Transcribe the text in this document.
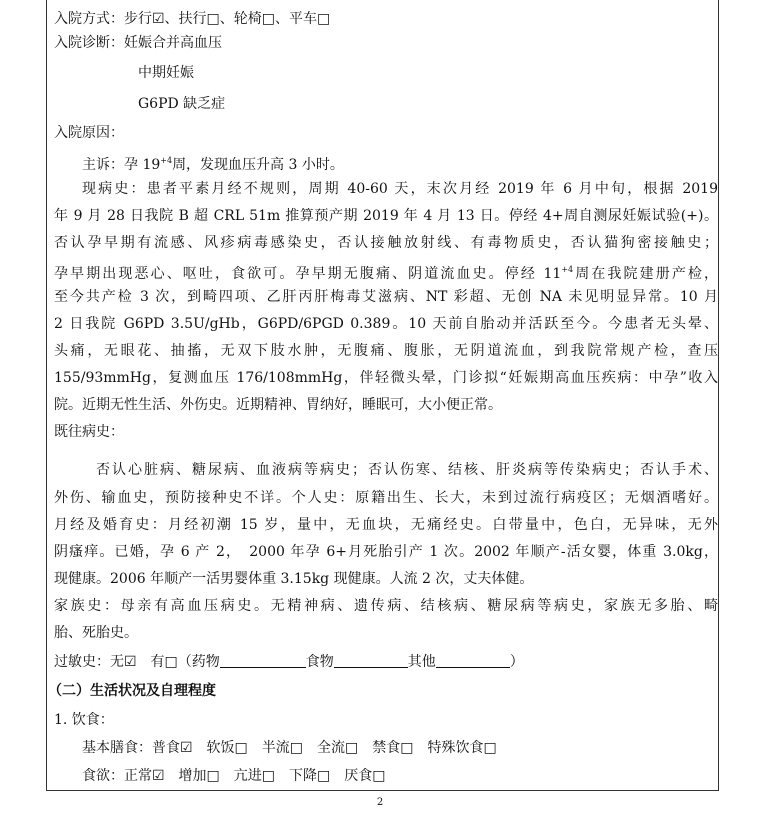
入院方式：步行☑、扶行□、轮椅□、平车□
入院诊断：妊娠合并高血压
中期妊娠
G6PD 缺乏症
入院原因：
主诉：孕 $19^{+4}$周，发现血压升高 3 小时。
现病史：患者平素月经不规则，周期 40-60 天，末次月经 2019 年 6 月中旬，根据 2019
年 9 月 28 日我院 B 超 CRL 51m 推算预产期 2019 年 4 月 13 日。停经 4+周自测尿妊娠试验(+)。
否认孕早期有流感、风疹病毒感染史，否认接触放射线、有毒物质史，否认猫狗密接触史；
孕早期出现恶心、呕吐，食欲可。孕早期无腹痛、阴道流血史。停经 $11^{+4}$周在我院建册产检，
至今共产检 3 次，到畸四项、乙肝丙肝梅毒艾滋病、NT 彩超、无创 NA 未见明显异常。10 月
2 日我院 G6PD 3.5U/gHb，G6PD/6PGD 0.389。10 天前自胎动并活跃至今。今患者无头晕、
头痛，无眼花、抽搐，无双下肢水肿，无腹痛、腹胀，无阴道流血，到我院常规产检，查压
155/93mmHg，复测血压 176/108mmHg，伴轻微头晕，门诊拟“妊娠期高血压疾病：中孕”收入
院。近期无性生活、外伤史。近期精神、胃纳好，睡眠可，大小便正常。
既往病史：
否认心脏病、糖尿病、血液病等病史；否认伤寒、结核、肝炎病等传染病史；否认手术、
外伤、输血史，预防接种史不详。个人史：原籍出生、长大，未到过流行病疫区；无烟酒嗜好。
月经及婚育史：月经初潮 15 岁，量中，无血块，无痛经史。白带量中，色白，无异味，无外
阴瘙痒。已婚，孕 6 产 2，　2000 年孕 6+月死胎引产 1 次。2002 年顺产-活女婴，体重 3.0kg，
现健康。2006 年顺产一活男婴体重 3.15kg 现健康。人流 2 次，丈夫体健。
家族史：母亲有高血压病史。无精神病、遗传病、结核病、糖尿病等病史，家族无多胎、畸
胎、死胎史。
过敏史：无☑　有□（药物	食物	其他	）
（二）生活状况及自理程度
1. 饮食：
基本膳食：普食☑　软饭□　半流□　全流□　禁食□　特殊饮食□
食欲：正常☑　增加□　亢进□　下降□　厌食□
2
